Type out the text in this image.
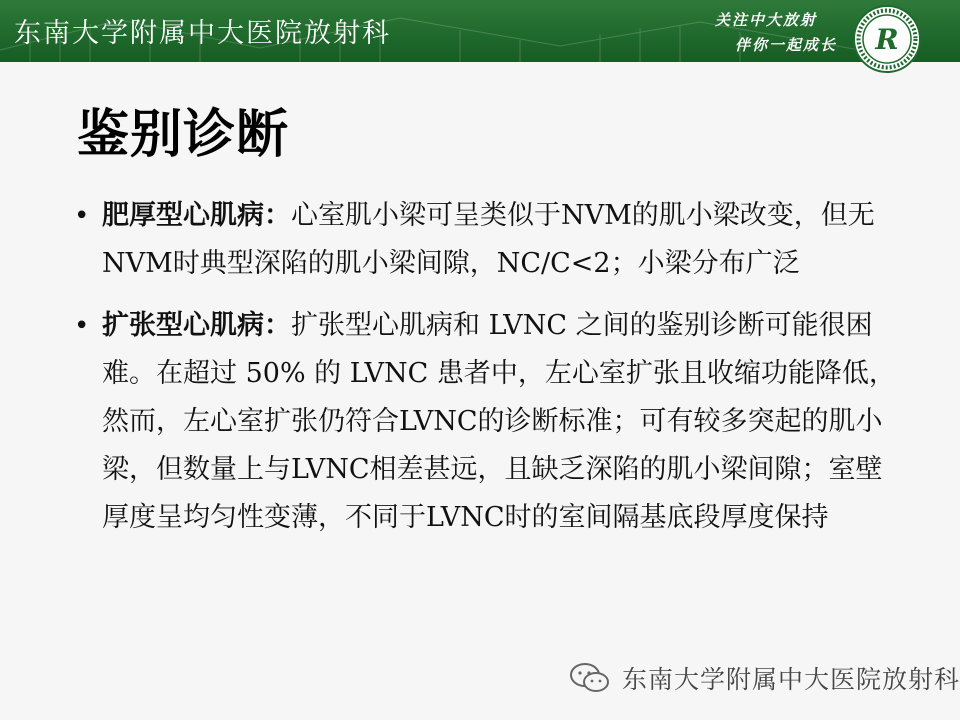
东南大学附属中大医院放射科	关注中大放射
伴你一起成长 R
鉴别诊断
• 肥厚型心肌病：心室肌小梁可呈类似于NVM的肌小梁改变，但无NVM时典型深陷的肌小梁间隙，NC/C<2；小梁分布广泛
• 扩张型心肌病：扩张型心肌病和 LVNC 之间的鉴别诊断可能很困难。在超过 50% 的 LVNC 患者中，左心室扩张且收缩功能降低，然而，左心室扩张仍符合LVNC的诊断标准；可有较多突起的肌小梁，但数量上与LVNC相差甚远，且缺乏深陷的肌小梁间隙；室壁厚度呈均匀性变薄，不同于LVNC时的室间隔基底段厚度保持
东南大学附属中大医院放射科
